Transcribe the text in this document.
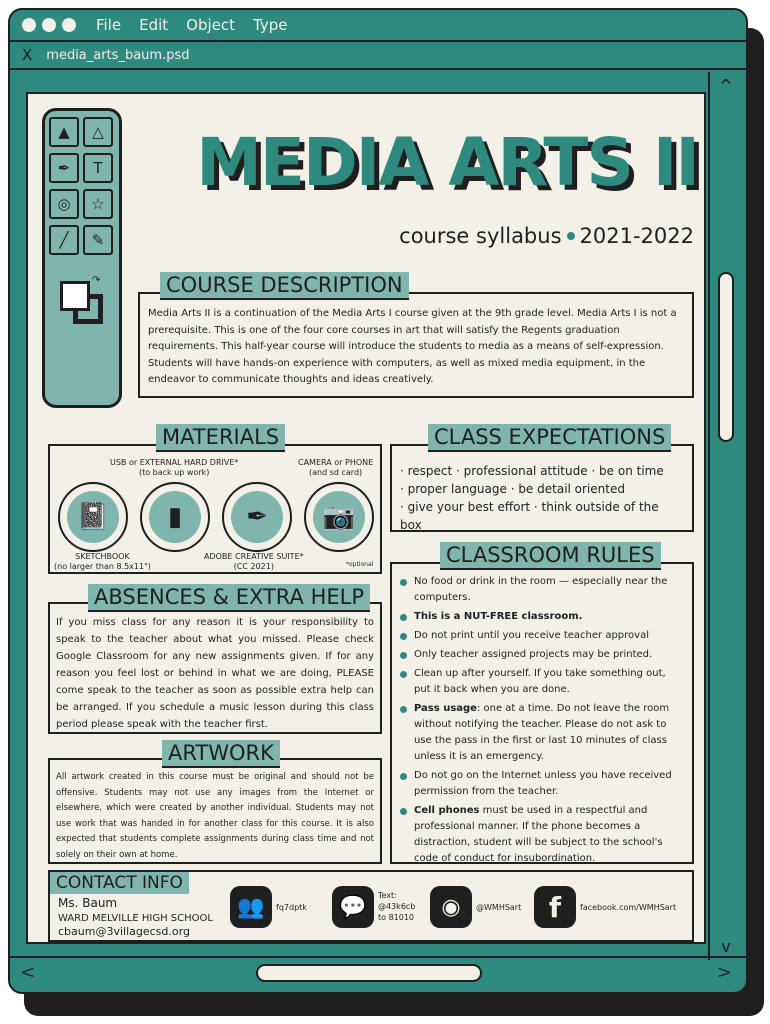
File Edit Object Type
X media_arts_baum.psd
^
v
<	>
▲	△
✒	T
◎	☆
╱	✎
↷
MEDIA ARTS II
course syllabus 2021-2022
Media Arts II is a continuation of the Media Arts I course given at the 9th grade level. Media Arts I is not a prerequisite. This is one of the four core courses in art that will satisfy the Regents graduation requirements. This half-year course will introduce the students to media as a means of self-expression. Students will have hands-on experience with computers, as well as mixed media equipment, in the endeavor to communicate thoughts and ideas creatively.
COURSE DESCRIPTION
USB or EXTERNAL HARD DRIVE*
(to back up work)
CAMERA or PHONE
(and sd card)
📓	▮	✒	📷
SKETCHBOOK
(no larger than 8.5x11")
ADOBE CREATIVE SUITE*
(CC 2021)	*optional
MATERIALS
· respect · professional attitude · be on time
· proper language · be detail oriented
· give your best effort · think outside of the box
CLASS EXPECTATIONS
If you miss class for any reason it is your responsibility to speak to the teacher about what you missed. Please check Google Classroom for any new assignments given. If for any reason you feel lost or behind in what we are doing, PLEASE come speak to the teacher as soon as possible extra help can be arranged. If you schedule a music lesson during this class period please speak with the teacher first.
ABSENCES & EXTRA HELP
No food or drink in the room — especially near the computers.
This is a NUT-FREE classroom.
Do not print until you receive teacher approval
Only teacher assigned projects may be printed.
Clean up after yourself. If you take something out, put it back when you are done.
Pass usage: one at a time. Do not leave the room without notifying the teacher. Please do not ask to use the pass in the first or last 10 minutes of class unless it is an emergency.
Do not go on the Internet unless you have received permission from the teacher.
Cell phones must be used in a respectful and professional manner. If the phone becomes a distraction, student will be subject to the school's code of conduct for insubordination.
CLASSROOM RULES
All artwork created in this course must be original and should not be offensive. Students may not use any images from the Internet or elsewhere, which were created by another individual. Students may not use work that was handed in for another class for this course. It is also expected that students complete assignments during class time and not solely on their own at home.
ARTWORK
CONTACT INFO
Ms. Baum
WARD MELVILLE HIGH SCHOOL
cbaum@3villagecsd.org
👥	fq7dptk	💬	Text:
@43k6cb
to 81010	◉	@WMHSart f	facebook.com/WMHSart
